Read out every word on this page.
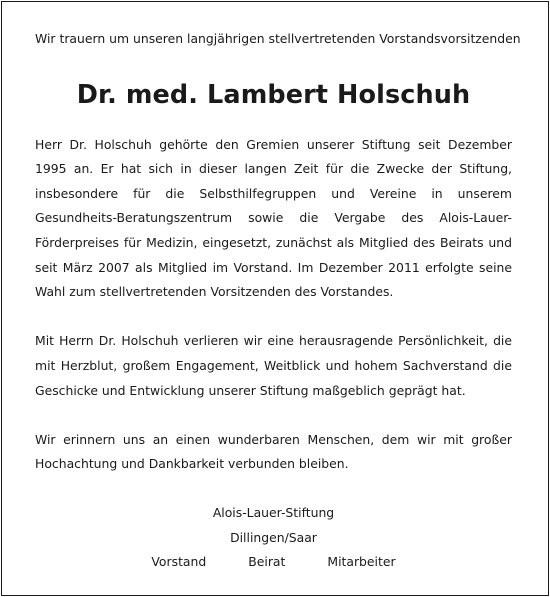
Wir trauern um unseren langjährigen stellvertretenden Vorstandsvorsitzenden

Dr. med. Lambert Holschuh

Herr Dr. Holschuh gehörte den Gremien unserer Stiftung seit Dezember 1995 an. Er hat sich in dieser langen Zeit für die Zwecke der Stiftung, insbesondere für die Selbsthilfegruppen und Vereine in unserem Gesundheits-Beratungszentrum sowie die Vergabe des Alois-Lauer-Förderpreises für Medizin, eingesetzt, zunächst als Mitglied des Beirats und seit März 2007 als Mitglied im Vorstand. Im Dezember 2011 erfolgte seine Wahl zum stellvertretenden Vorsitzenden des Vorstandes.

Mit Herrn Dr. Holschuh verlieren wir eine herausragende Persönlichkeit, die mit Herzblut, großem Engagement, Weitblick und hohem Sachverstand die Geschicke und Entwicklung unserer Stiftung maßgeblich geprägt hat.

Wir erinnern uns an einen wunderbaren Menschen, dem wir mit großer Hochachtung und Dankbarkeit verbunden bleiben.

Alois-Lauer-Stiftung

Dillingen/Saar

Vorstand	Beirat	Mitarbeiter
